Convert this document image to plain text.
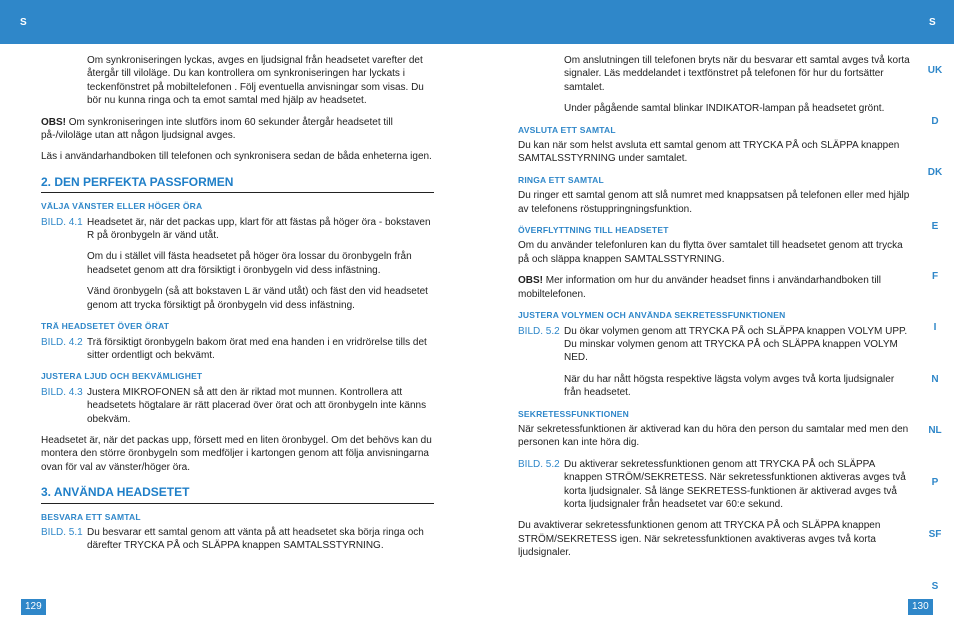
S	S
UK
D
DK
E
F
I
N
NL
P
SF
S

Om synkroniseringen lyckas, avges en ljudsignal från headsetet varefter det återgår till viloläge. Du kan kontrollera om synkroniseringen har lyckats i teckenfönstret på mobiltelefonen . Följ eventuella anvisningar som visas. Du bör nu kunna ringa och ta emot samtal med hjälp av headsetet.

OBS! Om synkroniseringen inte slutförs inom 60 sekunder återgår headsetet till på-/viloläge utan att någon ljudsignal avges.

Läs i användarhandboken till telefonen och synkronisera sedan de båda enheterna igen.

2. DEN PERFEKTA PASSFORMEN
VÄLJA VÄNSTER ELLER HÖGER ÖRA
BILD. 4.1 Headsetet är, när det packas upp, klart för att fästas på höger öra - bokstaven R på öronbygeln är vänd utåt.

Om du i stället vill fästa headsetet på höger öra lossar du öronbygeln från headsetet genom att dra försiktigt i öronbygeln vid dess infästning.

Vänd öronbygeln (så att bokstaven L är vänd utåt) och fäst den vid headsetet genom att trycka försiktigt på öronbygeln vid dess infästning.

TRÄ HEADSETET ÖVER ÖRAT
BILD. 4.2 Trä försiktigt öronbygeln bakom örat med ena handen i en vridrörelse tills det sitter ordentligt och bekvämt.
JUSTERA LJUD OCH BEKVÄMLIGHET
BILD. 4.3 Justera MIKROFONEN så att den är riktad mot munnen. Kontrollera att headsetets högtalare är rätt placerad över örat och att öronbygeln inte känns obekväm.

Headsetet är, när det packas upp, försett med en liten öronbygel. Om det behövs kan du montera den större öronbygeln som medföljer i kartongen genom att följa anvisningarna ovan för val av vänster/höger öra.

3. ANVÄNDA HEADSETET
BESVARA ETT SAMTAL
BILD. 5.1 Du besvarar ett samtal genom att vänta på att headsetet ska börja ringa och därefter TRYCKA PÅ och SLÄPPA knappen SAMTALSSTYRNING.

Om anslutningen till telefonen bryts när du besvarar ett samtal avges två korta signaler. Läs meddelandet i textfönstret på telefonen för hur du fortsätter samtalet.

Under pågående samtal blinkar INDIKATOR-lampan på headsetet grönt.

AVSLUTA ETT SAMTAL

Du kan när som helst avsluta ett samtal genom att TRYCKA PÅ och SLÄPPA knappen SAMTALSSTYRNING under samtalet.

RINGA ETT SAMTAL

Du ringer ett samtal genom att slå numret med knappsatsen på telefonen eller med hjälp av telefonens röstuppringningsfunktion.

ÖVERFLYTTNING TILL HEADSETET

Om du använder telefonluren kan du flytta över samtalet till headsetet genom att trycka på och släppa knappen SAMTALSSTYRNING.

OBS! Mer information om hur du använder headset finns i användarhandboken till mobiltelefonen.

JUSTERA VOLYMEN OCH ANVÄNDA SEKRETESSFUNKTIONEN
BILD. 5.2 Du ökar volymen genom att TRYCKA PÅ och SLÄPPA knappen VOLYM UPP. Du minskar volymen genom att TRYCKA PÅ och SLÄPPA knappen VOLYM NED.

När du har nått högsta respektive lägsta volym avges två korta ljudsignaler från headsetet.

SEKRETESSFUNKTIONEN

När sekretessfunktionen är aktiverad kan du höra den person du samtalar med men den personen kan inte höra dig.

BILD. 5.2 Du aktiverar sekretessfunktionen genom att TRYCKA PÅ och SLÄPPA knappen STRÖM/SEKRETESS. När sekretessfunktionen aktiveras avges två korta ljudsignaler. Så länge SEKRETESS-funktionen är aktiverad avges två korta ljudsignaler från headsetet var 60:e sekund.

Du avaktiverar sekretessfunktionen genom att TRYCKA PÅ och SLÄPPA knappen STRÖM/SEKRETESS igen. När sekretessfunktionen avaktiveras avges två korta ljudsignaler.

129	130
